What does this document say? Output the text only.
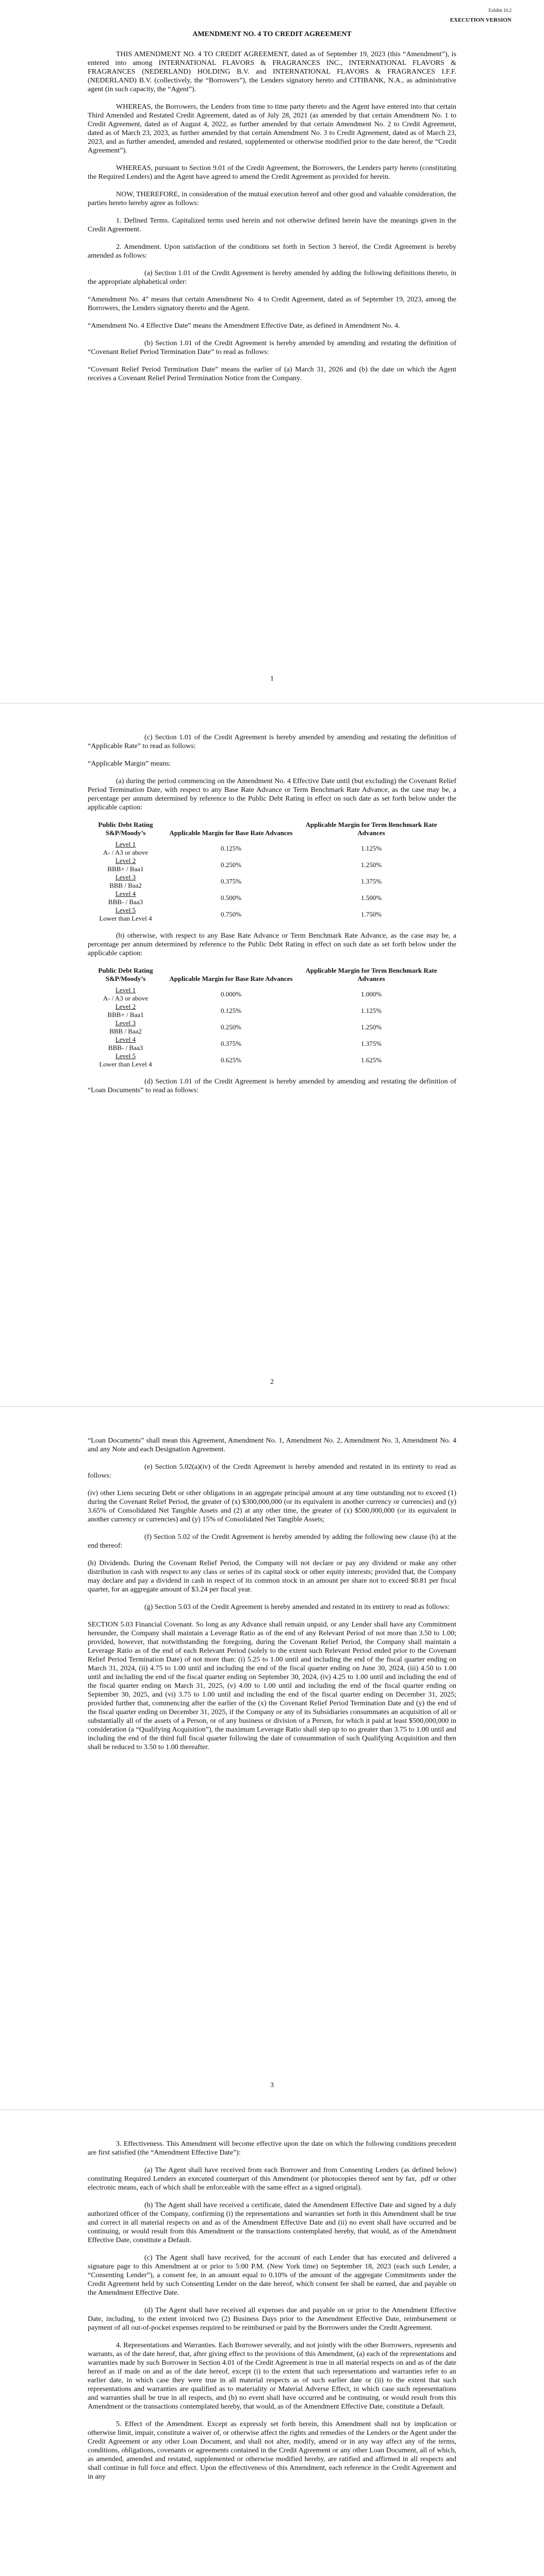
Exhibit 10.2
EXECUTION VERSION

AMENDMENT NO. 4 TO CREDIT AGREEMENT

THIS AMENDMENT NO. 4 TO CREDIT AGREEMENT, dated as of September 19, 2023 (this “Amendment”), is entered into among INTERNATIONAL FLAVORS & FRAGRANCES INC., INTERNATIONAL FLAVORS & FRAGRANCES (NEDERLAND) HOLDING B.V. and INTERNATIONAL FLAVORS & FRAGRANCES I.F.F. (NEDERLAND) B.V. (collectively, the “Borrowers”), the Lenders signatory hereto and CITIBANK, N.A., as administrative agent (in such capacity, the “Agent”).

WHEREAS, the Borrowers, the Lenders from time to time party thereto and the Agent have entered into that certain Third Amended and Restated Credit Agreement, dated as of July 28, 2021 (as amended by that certain Amendment No. 1 to Credit Agreement, dated as of August 4, 2022, as further amended by that certain Amendment No. 2 to Credit Agreement, dated as of March 23, 2023, as further amended by that certain Amendment No. 3 to Credit Agreement, dated as of March 23, 2023, and as further amended, amended and restated, supplemented or otherwise modified prior to the date hereof, the “Credit Agreement”).

WHEREAS, pursuant to Section 9.01 of the Credit Agreement, the Borrowers, the Lenders party hereto (constituting the Required Lenders) and the Agent have agreed to amend the Credit Agreement as provided for herein.

NOW, THEREFORE, in consideration of the mutual execution hereof and other good and valuable consideration, the parties hereto hereby agree as follows:

1. Defined Terms. Capitalized terms used herein and not otherwise defined herein have the meanings given in the Credit Agreement.

2. Amendment. Upon satisfaction of the conditions set forth in Section 3 hereof, the Credit Agreement is hereby amended as follows:

(a) Section 1.01 of the Credit Agreement is hereby amended by adding the following definitions thereto, in the appropriate alphabetical order:

“Amendment No. 4” means that certain Amendment No. 4 to Credit Agreement, dated as of September 19, 2023, among the Borrowers, the Lenders signatory thereto and the Agent.

“Amendment No. 4 Effective Date” means the Amendment Effective Date, as defined in Amendment No. 4.

(b) Section 1.01 of the Credit Agreement is hereby amended by amending and restating the definition of “Covenant Relief Period Termination Date” to read as follows:

“Covenant Relief Period Termination Date” means the earlier of (a) March 31, 2026 and (b) the date on which the Agent receives a Covenant Relief Period Termination Notice from the Company.

1

(c) Section 1.01 of the Credit Agreement is hereby amended by amending and restating the definition of “Applicable Rate” to read as follows:

“Applicable Margin” means:

(a) during the period commencing on the Amendment No. 4 Effective Date until (but excluding) the Covenant Relief Period Termination Date, with respect to any Base Rate Advance or Term Benchmark Rate Advance, as the case may be, a percentage per annum determined by reference to the Public Debt Rating in effect on such date as set forth below under the applicable caption:

Public Debt Rating S&P/Moody’s	Applicable Margin for Base Rate Advances	Applicable Margin for Term Benchmark Rate Advances

Level 1
A- / A3 or above	0.125%	1.125%

Level 2
BBB+ / Baa1	0.250%	1.250%

Level 3
BBB / Baa2	0.375%	1.375%

Level 4
BBB- / Baa3	0.500%	1.500%

Level 5
Lower than Level 4	0.750%	1.750%

(b) otherwise, with respect to any Base Rate Advance or Term Benchmark Rate Advance, as the case may be, a percentage per annum determined by reference to the Public Debt Rating in effect on such date as set forth below under the applicable caption:

Public Debt Rating S&P/Moody’s	Applicable Margin for Base Rate Advances	Applicable Margin for Term Benchmark Rate Advances

Level 1
A- / A3 or above	0.000%	1.000%

Level 2
BBB+ / Baa1	0.125%	1.125%

Level 3
BBB / Baa2	0.250%	1.250%

Level 4
BBB- / Baa3	0.375%	1.375%

Level 5
Lower than Level 4	0.625%	1.625%

(d) Section 1.01 of the Credit Agreement is hereby amended by amending and restating the definition of “Loan Documents” to read as follows:

2

“Loan Documents” shall mean this Agreement, Amendment No. 1, Amendment No. 2, Amendment No. 3, Amendment No. 4 and any Note and each Designation Agreement.

(e) Section 5.02(a)(iv) of the Credit Agreement is hereby amended and restated in its entirety to read as follows:

(iv) other Liens securing Debt or other obligations in an aggregate principal amount at any time outstanding not to exceed (1) during the Covenant Relief Period, the greater of (x) $300,000,000 (or its equivalent in another currency or currencies) and (y) 3.65% of Consolidated Net Tangible Assets and (2) at any other time, the greater of (x) $500,000,000 (or its equivalent in another currency or currencies) and (y) 15% of Consolidated Net Tangible Assets;

(f) Section 5.02 of the Credit Agreement is hereby amended by adding the following new clause (h) at the end thereof:

(h) Dividends. During the Covenant Relief Period, the Company will not declare or pay any dividend or make any other distribution in cash with respect to any class or series of its capital stock or other equity interests; provided that, the Company may declare and pay a dividend in cash in respect of its common stock in an amount per share not to exceed $0.81 per fiscal quarter, for an aggregate amount of $3.24 per fiscal year.

(g) Section 5.03 of the Credit Agreement is hereby amended and restated in its entirety to read as follows:

SECTION 5.03 Financial Covenant. So long as any Advance shall remain unpaid, or any Lender shall have any Commitment hereunder, the Company shall maintain a Leverage Ratio as of the end of any Relevant Period of not more than 3.50 to 1.00; provided, however, that notwithstanding the foregoing, during the Covenant Relief Period, the Company shall maintain a Leverage Ratio as of the end of each Relevant Period (solely to the extent such Relevant Period ended prior to the Covenant Relief Period Termination Date) of not more than: (i) 5.25 to 1.00 until and including the end of the fiscal quarter ending on March 31, 2024, (ii) 4.75 to 1.00 until and including the end of the fiscal quarter ending on June 30, 2024, (iii) 4.50 to 1.00 until and including the end of the fiscal quarter ending on September 30, 2024, (iv) 4.25 to 1.00 until and including the end of the fiscal quarter ending on March 31, 2025, (v) 4.00 to 1.00 until and including the end of the fiscal quarter ending on September 30, 2025, and (vi) 3.75 to 1.00 until and including the end of the fiscal quarter ending on December 31, 2025; provided further that, commencing after the earlier of the (x) the Covenant Relief Period Termination Date and (y) the end of the fiscal quarter ending on December 31, 2025, if the Company or any of its Subsidiaries consummates an acquisition of all or substantially all of the assets of a Person, or of any business or division of a Person, for which it paid at least $500,000,000 in consideration (a “Qualifying Acquisition”), the maximum Leverage Ratio shall step up to no greater than 3.75 to 1.00 until and including the end of the third full fiscal quarter following the date of consummation of such Qualifying Acquisition and then shall be reduced to 3.50 to 1.00 thereafter.

3

3. Effectiveness. This Amendment will become effective upon the date on which the following conditions precedent are first satisfied (the “Amendment Effective Date”):

(a) The Agent shall have received from each Borrower and from Consenting Lenders (as defined below) constituting Required Lenders an executed counterpart of this Amendment (or photocopies thereof sent by fax, .pdf or other electronic means, each of which shall be enforceable with the same effect as a signed original).

(b) The Agent shall have received a certificate, dated the Amendment Effective Date and signed by a duly authorized officer of the Company, confirming (i) the representations and warranties set forth in this Amendment shall be true and correct in all material respects on and as of the Amendment Effective Date and (ii) no event shall have occurred and be continuing, or would result from this Amendment or the transactions contemplated hereby, that would, as of the Amendment Effective Date, constitute a Default.

(c) The Agent shall have received, for the account of each Lender that has executed and delivered a signature page to this Amendment at or prior to 5:00 P.M. (New York time) on September 18, 2023 (each such Lender, a “Consenting Lender”), a consent fee, in an amount equal to 0.10% of the amount of the aggregate Commitments under the Credit Agreement held by such Consenting Lender on the date hereof, which consent fee shall be earned, due and payable on the Amendment Effective Date.

(d) The Agent shall have received all expenses due and payable on or prior to the Amendment Effective Date, including, to the extent invoiced two (2) Business Days prior to the Amendment Effective Date, reimbursement or payment of all out-of-pocket expenses required to be reimbursed or paid by the Borrowers under the Credit Agreement.

4. Representations and Warranties. Each Borrower severally, and not jointly with the other Borrowers, represents and warrants, as of the date hereof, that, after giving effect to the provisions of this Amendment, (a) each of the representations and warranties made by such Borrower in Section 4.01 of the Credit Agreement is true in all material respects on and as of the date hereof as if made on and as of the date hereof, except (i) to the extent that such representations and warranties refer to an earlier date, in which case they were true in all material respects as of such earlier date or (ii) to the extent that such representations and warranties are qualified as to materiality or Material Adverse Effect, in which case such representations and warranties shall be true in all respects, and (b) no event shall have occurred and be continuing, or would result from this Amendment or the transactions contemplated hereby, that would, as of the Amendment Effective Date, constitute a Default.

5. Effect of the Amendment. Except as expressly set forth herein, this Amendment shall not by implication or otherwise limit, impair, constitute a waiver of, or otherwise affect the rights and remedies of the Lenders or the Agent under the Credit Agreement or any other Loan Document, and shall not alter, modify, amend or in any way affect any of the terms, conditions, obligations, covenants or agreements contained in the Credit Agreement or any other Loan Document, all of which, as amended, amended and restated, supplemented or otherwise modified hereby, are ratified and affirmed in all respects and shall continue in full force and effect. Upon the effectiveness of this Amendment, each reference in the Credit Agreement and in any
